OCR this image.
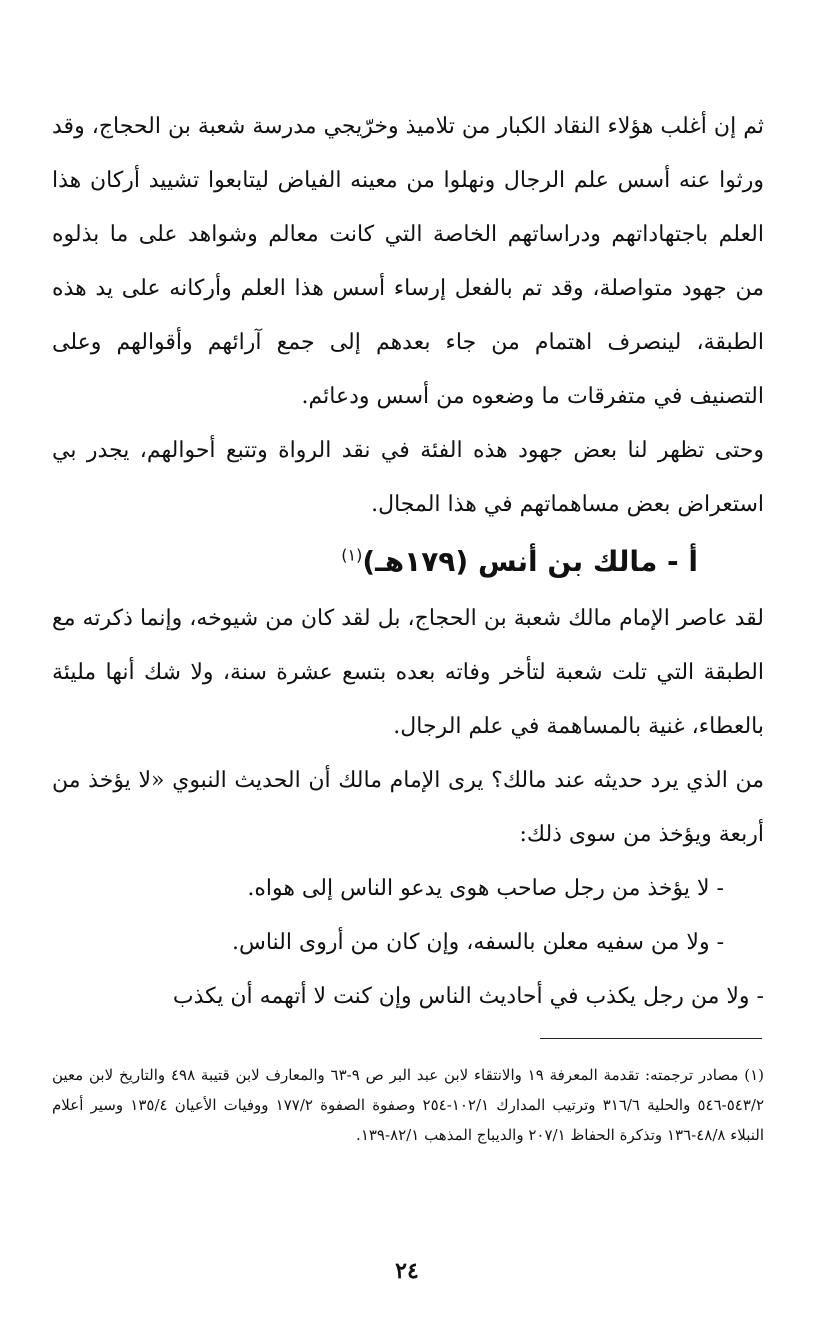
ثم إن أغلب هؤلاء النقاد الكبار من تلاميذ وخرّيجي مدرسة شعبة بن الحجاج، وقد ورثوا عنه أسس علم الرجال ونهلوا من معينه الفياض ليتابعوا تشييد أركان هذا العلم باجتهاداتهم ودراساتهم الخاصة التي كانت معالم وشواهد على ما بذلوه من جهود متواصلة، وقد تم بالفعل إرساء أسس هذا العلم وأركانه على يد هذه الطبقة، لينصرف اهتمام من جاء بعدهم إلى جمع آرائهم وأقوالهم وعلى التصنيف في متفرقات ما وضعوه من أسس ودعائم.

وحتى تظهر لنا بعض جهود هذه الفئة في نقد الرواة وتتبع أحوالهم، يجدر بي استعراض بعض مساهماتهم في هذا المجال.

أ - مالك بن أنس (١٧٩هـ)$^{(١)}$

لقد عاصر الإمام مالك شعبة بن الحجاج، بل لقد كان من شيوخه، وإنما ذكرته مع الطبقة التي تلت شعبة لتأخر وفاته بعده بتسع عشرة سنة، ولا شك أنها مليئة بالعطاء، غنية بالمساهمة في علم الرجال.

من الذي يرد حديثه عند مالك؟ يرى الإمام مالك أن الحديث النبوي «لا يؤخذ من أربعة ويؤخذ من سوى ذلك:

- لا يؤخذ من رجل صاحب هوى يدعو الناس إلى هواه.

- ولا من سفيه معلن بالسفه، وإن كان من أروى الناس.

- ولا من رجل يكذب في أحاديث الناس وإن كنت لا أتهمه أن يكذب

(١) مصادر ترجمته: تقدمة المعرفة ١٩ والانتقاء لابن عبد البر ص ٩-٦٣ والمعارف لابن قتيبة ٤٩٨ والتاريخ لابن معين ٥٤٣/٢-٥٤٦ والحلية ٣١٦/٦ وترتيب المدارك ١٠٢/١-٢٥٤ وصفوة الصفوة ١٧٧/٢ ووفيات الأعيان ١٣٥/٤ وسير أعلام النبلاء ٤٨/٨-١٣٦ وتذكرة الحفاظ ٢٠٧/١ والديباج المذهب ٨٢/١-١٣٩.

٢٤
